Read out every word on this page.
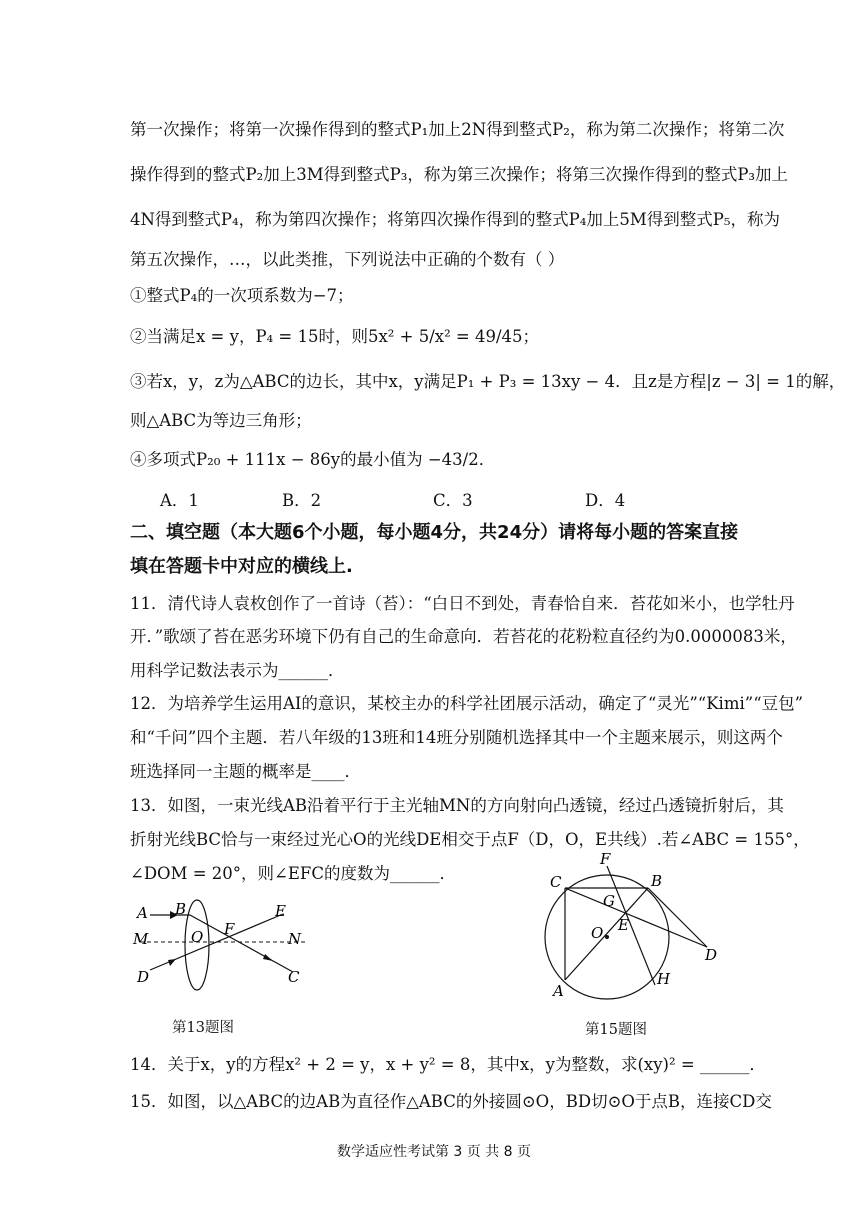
第一次操作；将第一次操作得到的整式P₁加上2N得到整式P₂，称为第二次操作；将第二次
操作得到的整式P₂加上3M得到整式P₃，称为第三次操作；将第三次操作得到的整式P₃加上
4N得到整式P₄，称为第四次操作；将第四次操作得到的整式P₄加上5M得到整式P₅，称为
第五次操作，…，以此类推，下列说法中正确的个数有（ ）
①整式P₄的一次项系数为−7；
②当满足x = y，P₄ = 15时，则5x² + 5/x² = 49/45；
③若x，y，z为△ABC的边长，其中x，y满足P₁ + P₃ = 13xy − 4．且z是方程|z − 3| = 1的解，
则△ABC为等边三角形；
④多项式P₂₀ + 111x − 86y的最小值为 −43/2．
A．1	B．2	C．3	D．4
二、填空题（本大题6个小题，每小题4分，共24分）请将每小题的答案直接
填在答题卡中对应的横线上.
11．清代诗人袁枚创作了一首诗（苔）：“白日不到处，青春恰自来．苔花如米小，也学牡丹
开．”歌颂了苔在恶劣环境下仍有自己的生命意向．若苔花的花粉粒直径约为0.0000083米，
用科学记数法表示为______．
12．为培养学生运用AI的意识，某校主办的科学社团展示活动，确定了“灵光”“Kimi”“豆包”
和“千问”四个主题．若八年级的13班和14班分别随机选择其中一个主题来展示，则这两个
班选择同一主题的概率是____．
13．如图，一束光线AB沿着平行于主光轴MN的方向射向凸透镜，经过凸透镜折射后，其
折射光线BC恰与一束经过光心O的光线DE相交于点F（D，O，E共线）.若∠ABC = 155°，
∠DOM = 20°，则∠EFC的度数为______．
A B
O F
E
M	N
D	C
第13题图
F
C	B
G
O E
D
A
H
第15题图
14．关于x，y的方程x² + 2 = y，x + y² = 8，其中x，y为整数，求(xy)² = ______．
15．如图，以△ABC的边AB为直径作△ABC的外接圆⊙O，BD切⊙O于点B，连接CD交
数学适应性考试第 3 页 共 8 页
